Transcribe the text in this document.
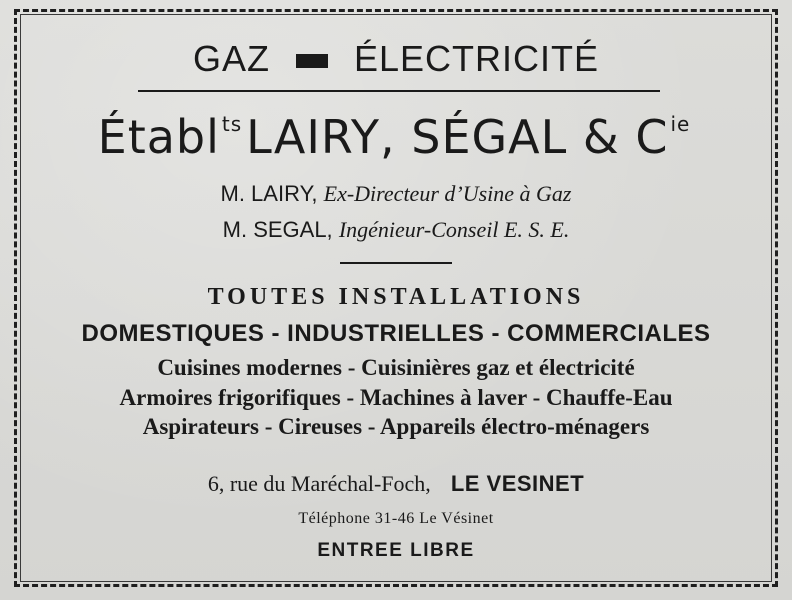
GAZ ÉLECTRICITÉ
Établ $^{ts}$LAIRY, SÉGAL & C $^{ie}$
M. LAIRY, Ex-Directeur d’Usine à Gaz
M. SEGAL, Ingénieur-Conseil E. S. E.
TOUTES INSTALLATIONS
DOMESTIQUES - INDUSTRIELLES - COMMERCIALES
Cuisines modernes - Cuisinières gaz et électricité
Armoires frigorifiques - Machines à laver - Chauffe-Eau
Aspirateurs - Cireuses - Appareils électro-ménagers
6, rue du Maréchal-Foch, LE VESINET
Téléphone 31-46 Le Vésinet
ENTREE LIBRE
